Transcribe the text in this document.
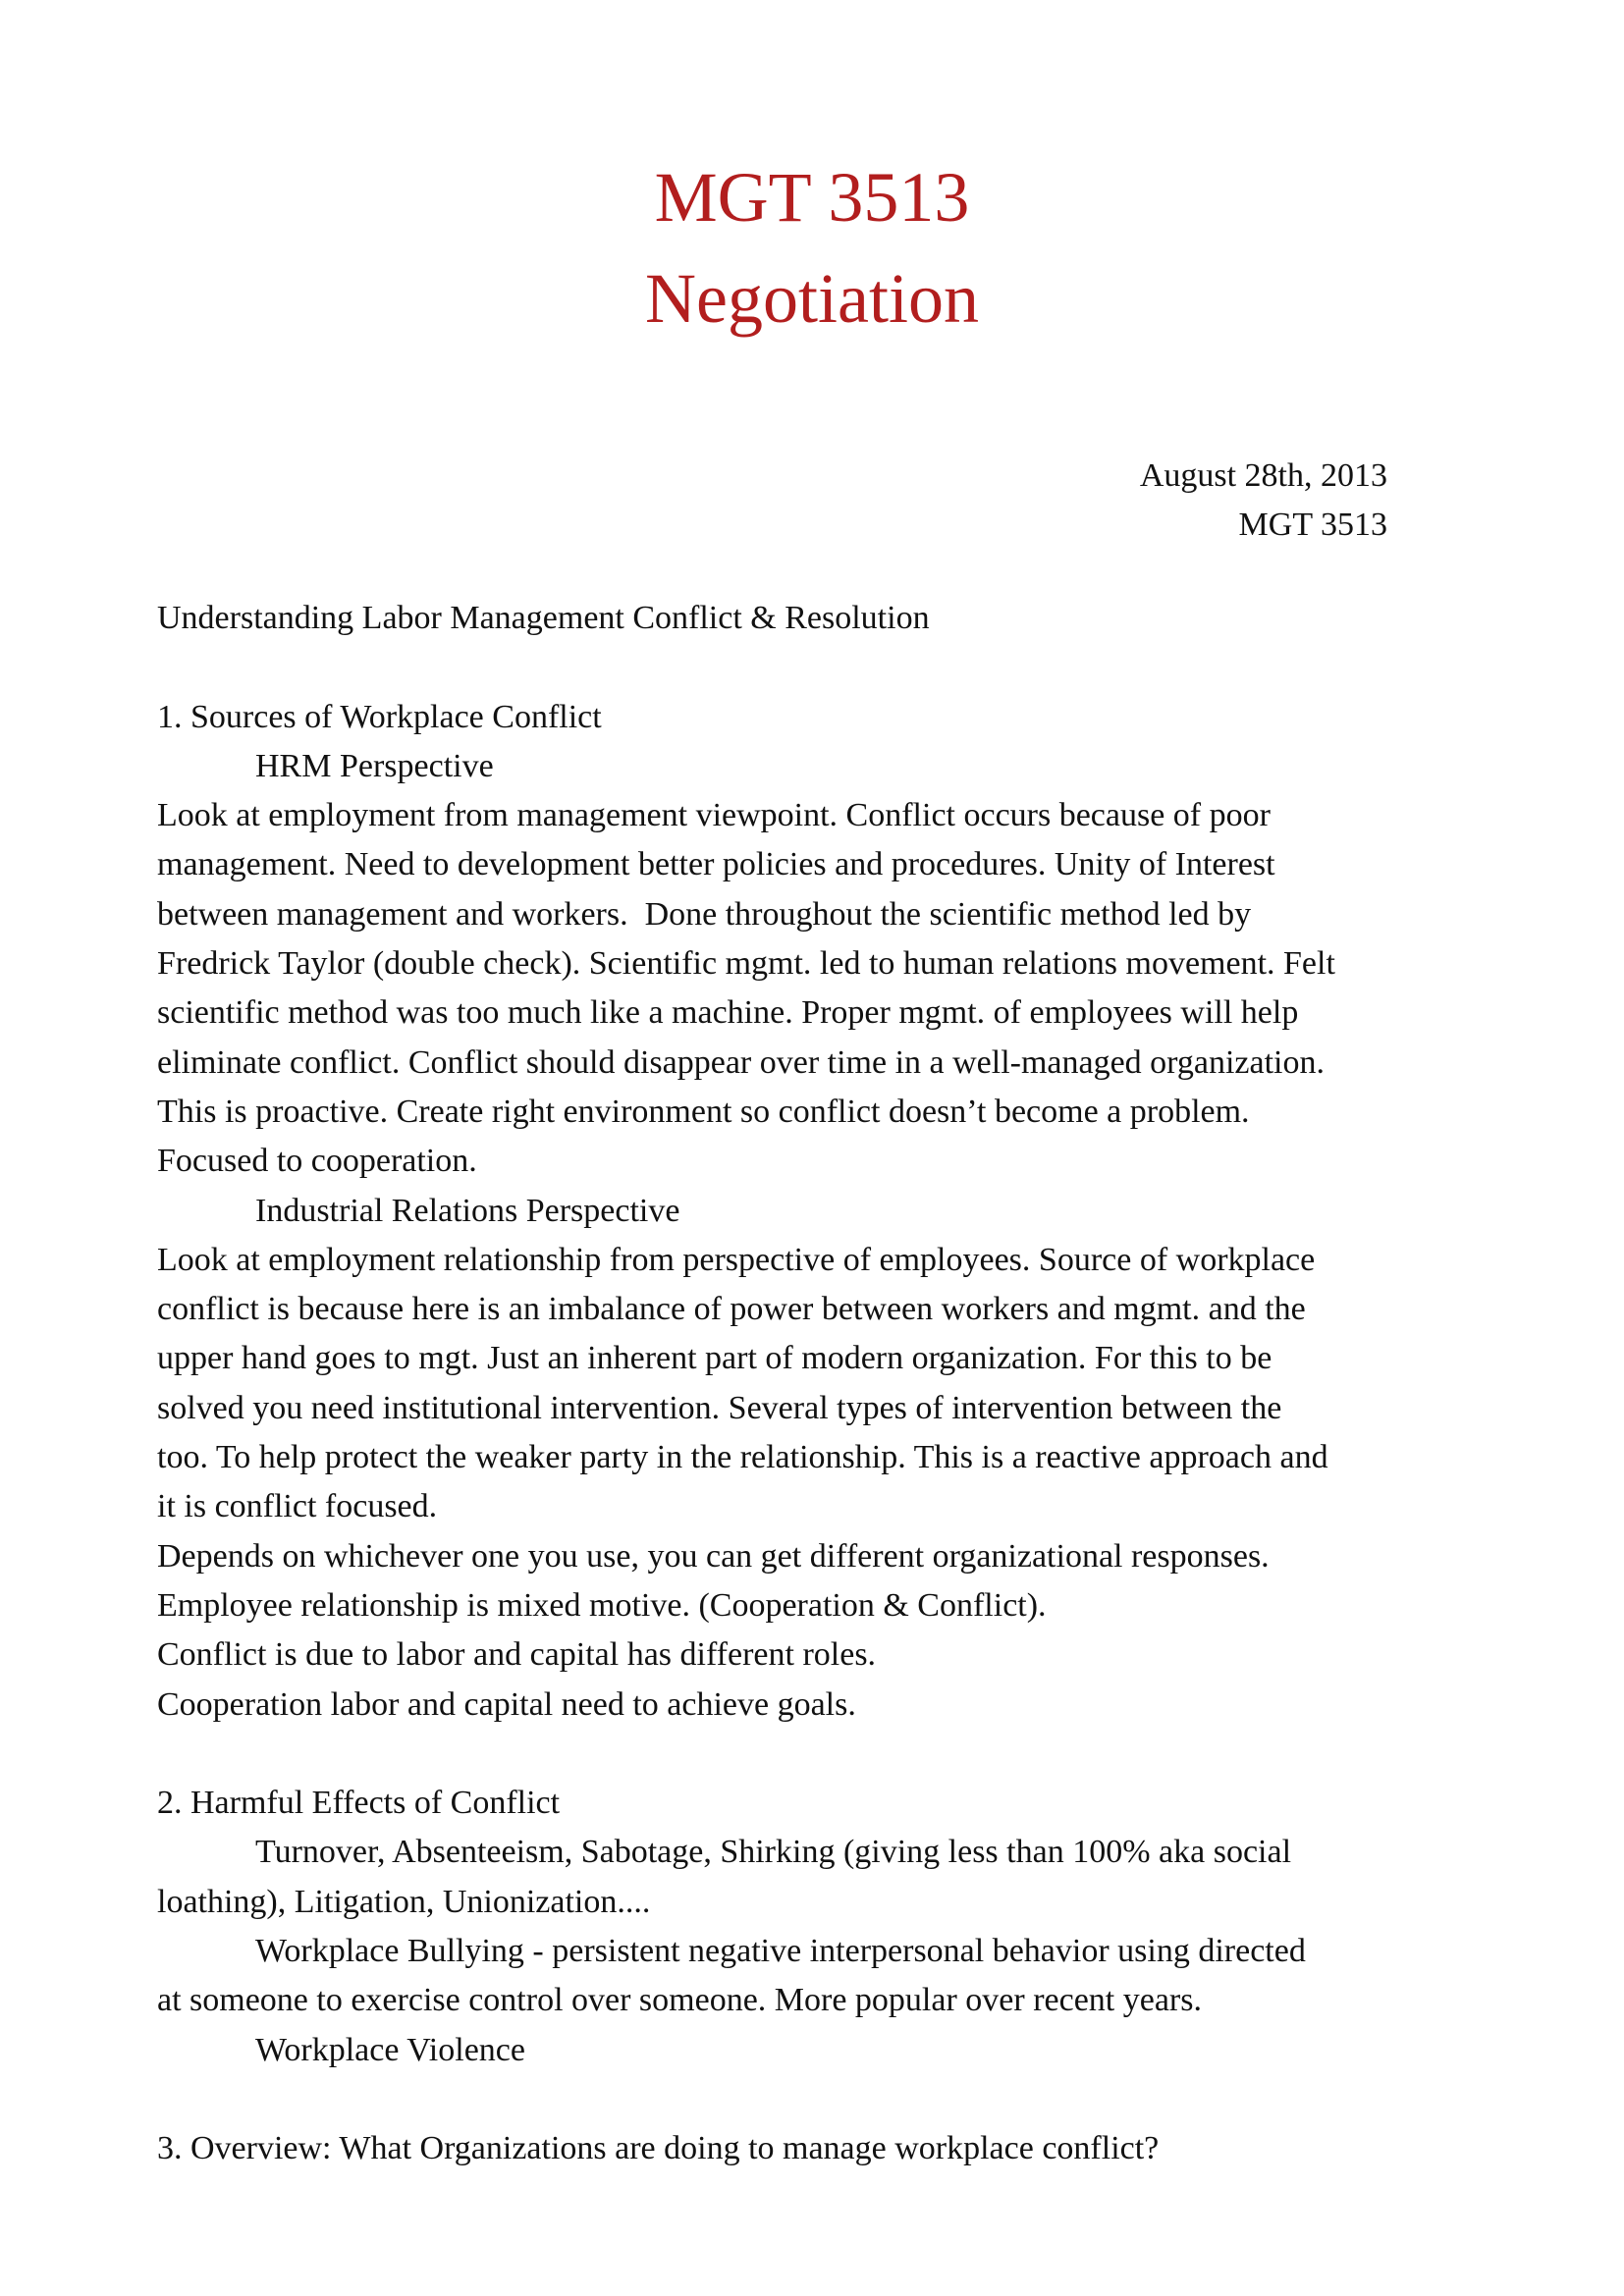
MGT 3513
Negotiation
August 28th, 2013
MGT 3513
Understanding Labor Management Conflict & Resolution
1. Sources of Workplace Conflict
HRM Perspective
Look at employment from management viewpoint. Conflict occurs because of poor
management. Need to development better policies and procedures. Unity of Interest
between management and workers.  Done throughout the scientific method led by
Fredrick Taylor (double check). Scientific mgmt. led to human relations movement. Felt
scientific method was too much like a machine. Proper mgmt. of employees will help
eliminate conflict. Conflict should disappear over time in a well-managed organization.
This is proactive. Create right environment so conflict doesn’t become a problem.
Focused to cooperation.
Industrial Relations Perspective
Look at employment relationship from perspective of employees. Source of workplace
conflict is because here is an imbalance of power between workers and mgmt. and the
upper hand goes to mgt. Just an inherent part of modern organization. For this to be
solved you need institutional intervention. Several types of intervention between the
too. To help protect the weaker party in the relationship. This is a reactive approach and
it is conflict focused.
Depends on whichever one you use, you can get different organizational responses.
Employee relationship is mixed motive. (Cooperation & Conflict).
Conflict is due to labor and capital has different roles.
Cooperation labor and capital need to achieve goals.
2. Harmful Effects of Conflict
Turnover, Absenteeism, Sabotage, Shirking (giving less than 100% aka social
loathing), Litigation, Unionization....
Workplace Bullying - persistent negative interpersonal behavior using directed
at someone to exercise control over someone. More popular over recent years.
Workplace Violence
3. Overview: What Organizations are doing to manage workplace conflict?
